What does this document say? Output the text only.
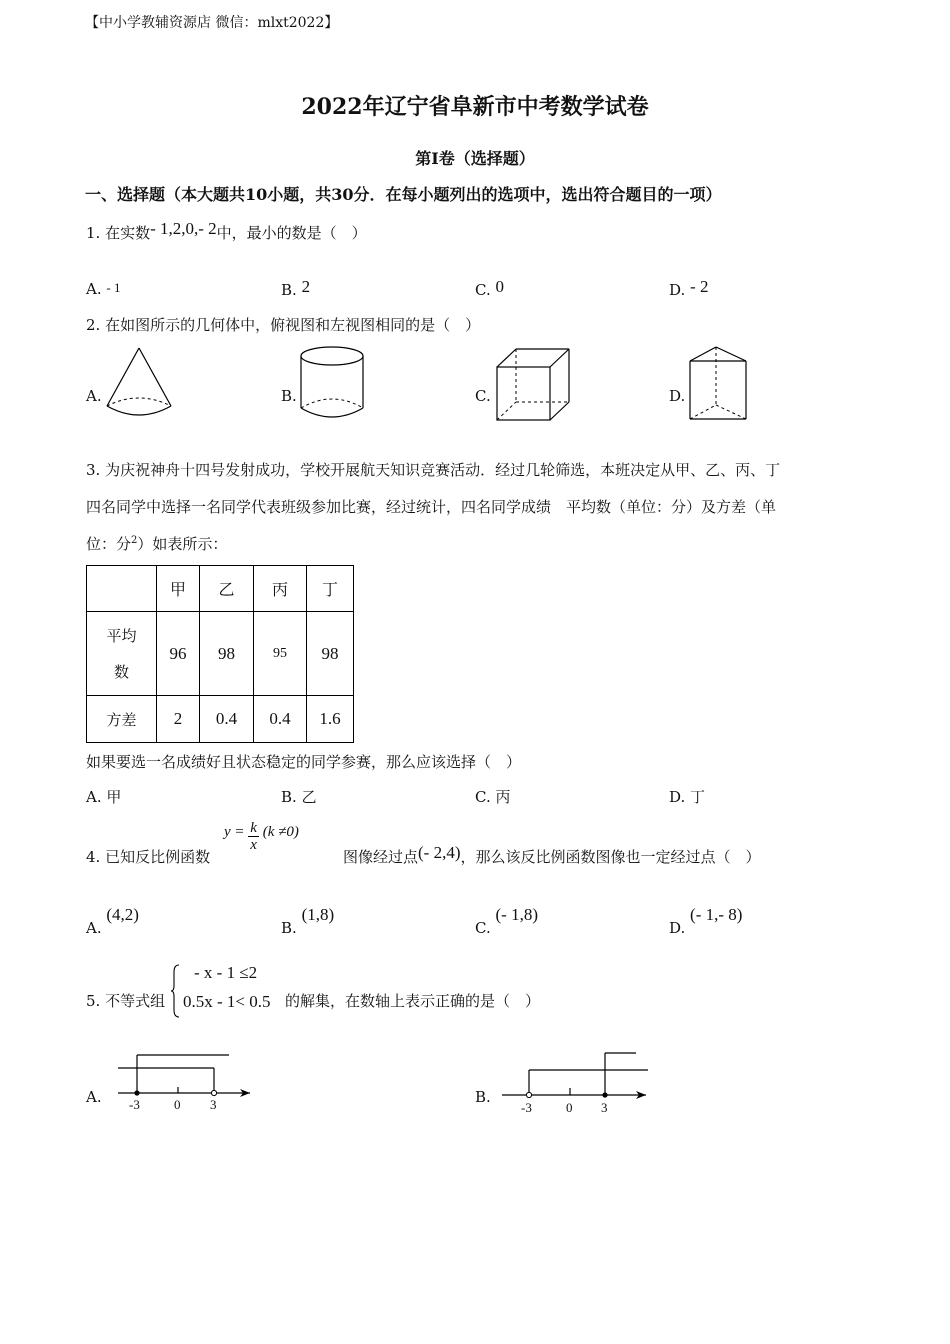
【中小学教辅资源店 微信：mlxt2022】
2022年辽宁省阜新市中考数学试卷
第I卷（选择题）
一、选择题（本大题共10小题，共30分．在每小题列出的选项中，选出符合题目的一项）
1. 在实数- 1,2,0,- 2中，最小的数是（　）
A. - 1	B. 2	C. 0	D. - 2
2. 在如图所示的几何体中，俯视图和左视图相同的是（　）
A.	B.	C.	D.
3. 为庆祝神舟十四号发射成功，学校开展航天知识竞赛活动．经过几轮筛选，本班决定从甲、乙、丙、丁
四名同学中选择一名同学代表班级参加比赛，经过统计，四名同学成绩　平均数（单位：分）及方差（单
位：分$^2$）如表所示：
	甲	乙	丙	丁
平均
数	96	98	95	98
方差	2	0.4	0.4	1.6
如果要选一名成绩好且状态稳定的同学参赛，那么应该选择（　）
A. 甲	B. 乙	C. 丙	D. 丁
4. 已知反比例函数
$y = \frac{k}{x} (k \ne 0)$
图像经过点(- 2,4)，那么该反比例函数图像也一定经过点（　）
A. (4,2)
B. (1,8)
C. (- 1,8)
D. (- 1,- 8)
5. 不等式组
- x - 1 ≤2
0.5x - 1< 0.5 的解集，在数轴上表示正确的是（　）
A. -3	0 3	B.
-3	0 3
